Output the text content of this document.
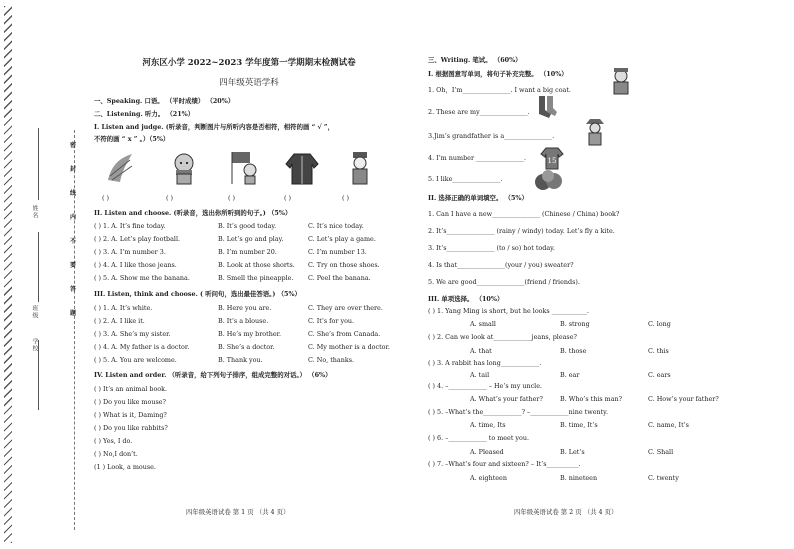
姓名
班级
学校
密
封
线
内
不
要
答
题
河东区小学 2022~2023 学年度第一学期期末检测试卷
四年级英语学科
一、Speaking. 口语。 （平时成绩） （20%）
二、Listening. 听力。 （21%）
I. Listen and judge. (听录音，判断图片与所听内容是否相符，相符的画 “ √ ”，
不符的画 “ x ” 。）（5%）
( )	( )	( )	( )	( )
II. Listen and choose. (听录音，选出你所听到的句子。) （5%）
( ) 1. A. It’s fine today.	B. It’s good today.	C. It’s nice today.
( ) 2. A. Let’s play football.	B. Let’s go and play.	C. Let’s play a game.
( ) 3. A. I’m number 3.	B. I’m number 20.	C. I’m number 13.
( ) 4. A. I like those jeans.	B. Look at those shorts. C. Try on those shoes.
( ) 5. A. Show me the banana.	B. Smell the pineapple. C. Peel the banana.
III. Listen, think and choose. ( 听问句，选出最佳答语。) （5%）
( ) 1. A. It’s white.	B. Here you are.	C. They are over there.
( ) 2. A. I like it.	B. It’s a blouse.	C. It’s for you.
( ) 3. A. She’s my sister.	B. He’s my brother.	C. She’s from Canada.
( ) 4. A. My father is a doctor.	B. She’s a doctor.	C. My mother is a doctor.
( ) 5. A. You are welcome.	B. Thank you.	C. No, thanks.
IV. Listen and order. （听录音，给下列句子排序，组成完整的对话。） （6%）
( ) It’s an animal book.
( ) Do you like mouse?
( ) What is it, Daming?
( ) Do you like rabbits?
( ) Yes, I do.
( ) No,I don’t.
(1 ) Look, a mouse.
四年级英语试卷 第 1 页 （共 4 页）
三、Writing. 笔试。 （60%）
I. 根据图意写单词，将句子补充完整。 （10%）
1. Oh，I’m_______________. I want a big coat.
2. These are my_______________.
3.Jim’s grandfather is a_______________.
4. I’m number _______________.
5. I like_______________.
15
II. 选择正确的单词填空。 （5%）
1. Can I have a new_______________ (Chinese / China) book?
2. It’s_______________ (rainy / windy) today. Let’s fly a kite.
3. It’s_______________ (to / so) hot today.
4. Is that_______________(your / you) sweater?
5. We are good_______________(friend / friends).
III. 单项选择。 （10%）
( ) 1. Yang Ming is short, but he looks ___________.
A. small	B. strong	C. long
( ) 2. Can we look at____________jeans, please?
A. that	B. those	C. this
( ) 3. A rabbit has long____________.
A. tail	B. ear	C. ears
( ) 4. –____________ – He’s my uncle.
A. What’s your father?	B. Who’s this man?	C. How’s your father?
( ) 5. –What’s the____________? –____________nine twenty.
A. time, Its	B. time, It’s	C. name, It’s
( ) 6. –____________ to meet you.
A. Pleased	B. Let’s	C. Shall
( ) 7. –What’s four and sixteen? – It’s__________.
A. eighteen	B. nineteen	C. twenty
四年级英语试卷 第 2 页 （共 4 页）
